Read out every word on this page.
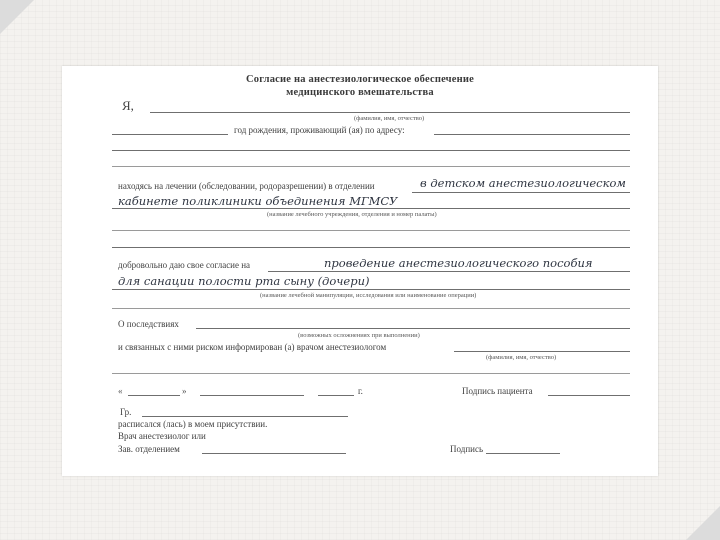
Согласие на анестезиологическое обеспечение
медицинского вмешательства
Я,
(фамилия, имя, отчество)
год рождения, проживающий (ая) по адресу:
находясь на лечении (обследовании, родоразрешении) в отделении	в детском анестезиологическом
кабинете поликлиники объединения МГМСУ
(название лечебного учреждения, отделения и номер палаты)
добровольно даю свое согласие на	проведение анестезиологического пособия
для санации полости рта сыну (дочери)
(название лечебной манипуляции, исследования или наименование операции)
О последствиях
(возможных осложнениях при выполнении)
и связанных с ними риском информирован (а) врачом анестезиологом
(фамилия, имя, отчество)
«	»	г.	Подпись пациента
Гр.
расписался (лась) в моем присутствии.
Врач анестезиолог или
Зав. отделением	Подпись
